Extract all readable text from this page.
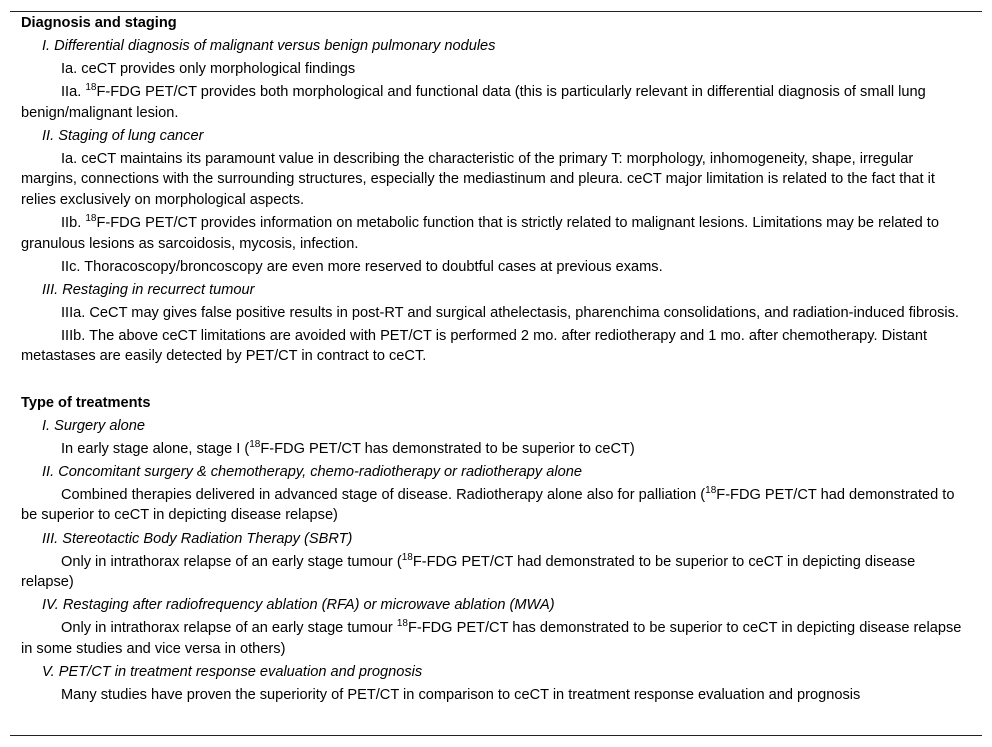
Diagnosis and staging
I. Differential diagnosis of malignant versus benign pulmonary nodules
Ia. ceCT provides only morphological findings
IIa. $^{18}$F-FDG PET/CT provides both morphological and functional data (this is particularly relevant in differential diagnosis of small lung benign/malignant lesion.
II. Staging of lung cancer
Ia. ceCT maintains its paramount value in describing the characteristic of the primary T: morphology, inhomogeneity, shape, irregular margins, connections with the surrounding structures, especially the mediastinum and pleura. ceCT major limitation is related to the fact that it relies exclusively on morphological aspects.
IIb. $^{18}$F-FDG PET/CT provides information on metabolic function that is strictly related to malignant lesions. Limitations may be related to granulous lesions as sarcoidosis, mycosis, infection.
IIc. Thoracoscopy/broncoscopy are even more reserved to doubtful cases at previous exams.
III. Restaging in recurrect tumour
IIIa. CeCT may gives false positive results in post-RT and surgical athelectasis, pharenchima consolidations, and radiation-induced fibrosis.
IIIb. The above ceCT limitations are avoided with PET/CT is performed 2 mo. after rediotherapy and 1 mo. after chemotherapy. Distant metastases are easily detected by PET/CT in contract to ceCT.
Type of treatments
I. Surgery alone
In early stage alone, stage I ($^{18}$F-FDG PET/CT has demonstrated to be superior to ceCT)
II. Concomitant surgery & chemotherapy, chemo-radiotherapy or radiotherapy alone
Combined therapies delivered in advanced stage of disease. Radiotherapy alone also for palliation ($^{18}$F-FDG PET/CT had demonstrated to be superior to ceCT in depicting disease relapse)
III. Stereotactic Body Radiation Therapy (SBRT)
Only in intrathorax relapse of an early stage tumour ($^{18}$F-FDG PET/CT had demonstrated to be superior to ceCT in depicting disease relapse)
IV. Restaging after radiofrequency ablation (RFA) or microwave ablation (MWA)
Only in intrathorax relapse of an early stage tumour $^{18}$F-FDG PET/CT has demonstrated to be superior to ceCT in depicting disease relapse in some studies and vice versa in others)
V. PET/CT in treatment response evaluation and prognosis
Many studies have proven the superiority of PET/CT in comparison to ceCT in treatment response evaluation and prognosis
